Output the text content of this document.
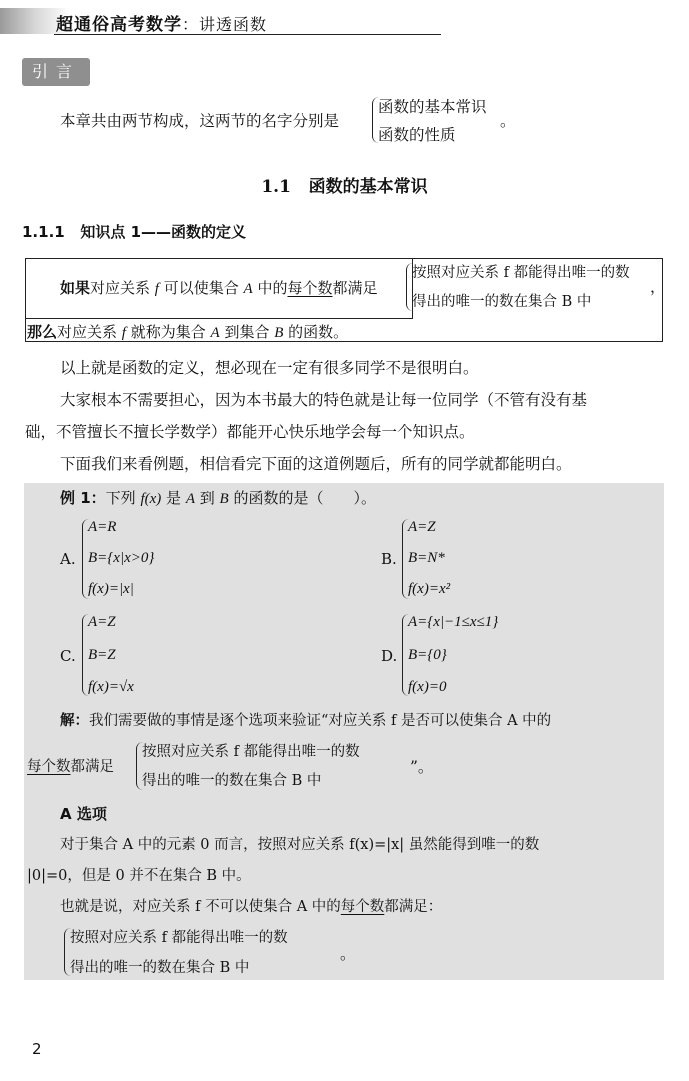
超通俗高考数学：讲透函数
引言
本章共由两节构成，这两节的名字分别是
函数的基本常识
函数的性质
。
1.1 函数的基本常识
1.1.1 知识点 1——函数的定义
如果对应关系 f 可以使集合 A 中的每个数都满足
按照对应关系 f 都能得出唯一的数
得出的唯一的数在集合 B 中
，
那么对应关系 f 就称为集合 A 到集合 B 的函数。
以上就是函数的定义，想必现在一定有很多同学不是很明白。
大家根本不需要担心，因为本书最大的特色就是让每一位同学（不管有没有基
础，不管擅长不擅长学数学）都能开心快乐地学会每一个知识点。
下面我们来看例题，相信看完下面的这道例题后，所有的同学就都能明白。
例 1：下列 f(x) 是 A 到 B 的函数的是（　　）。
A.
A=R
B={x|x>0}
f(x)=|x|
B.
A=Z
B=N*
f(x)=x²
C.
A=Z
B=Z
f(x)=√x
D.
A={x|−1≤x≤1}
B={0}
f(x)=0
解：我们需要做的事情是逐个选项来验证“对应关系 f 是否可以使集合 A 中的
每个数都满足
按照对应关系 f 都能得出唯一的数
得出的唯一的数在集合 B 中
”。
A 选项
对于集合 A 中的元素 0 而言，按照对应关系 f(x)=|x| 虽然能得到唯一的数
|0|=0，但是 0 并不在集合 B 中。
也就是说，对应关系 f 不可以使集合 A 中的每个数都满足：
按照对应关系 f 都能得出唯一的数
得出的唯一的数在集合 B 中
。
2
